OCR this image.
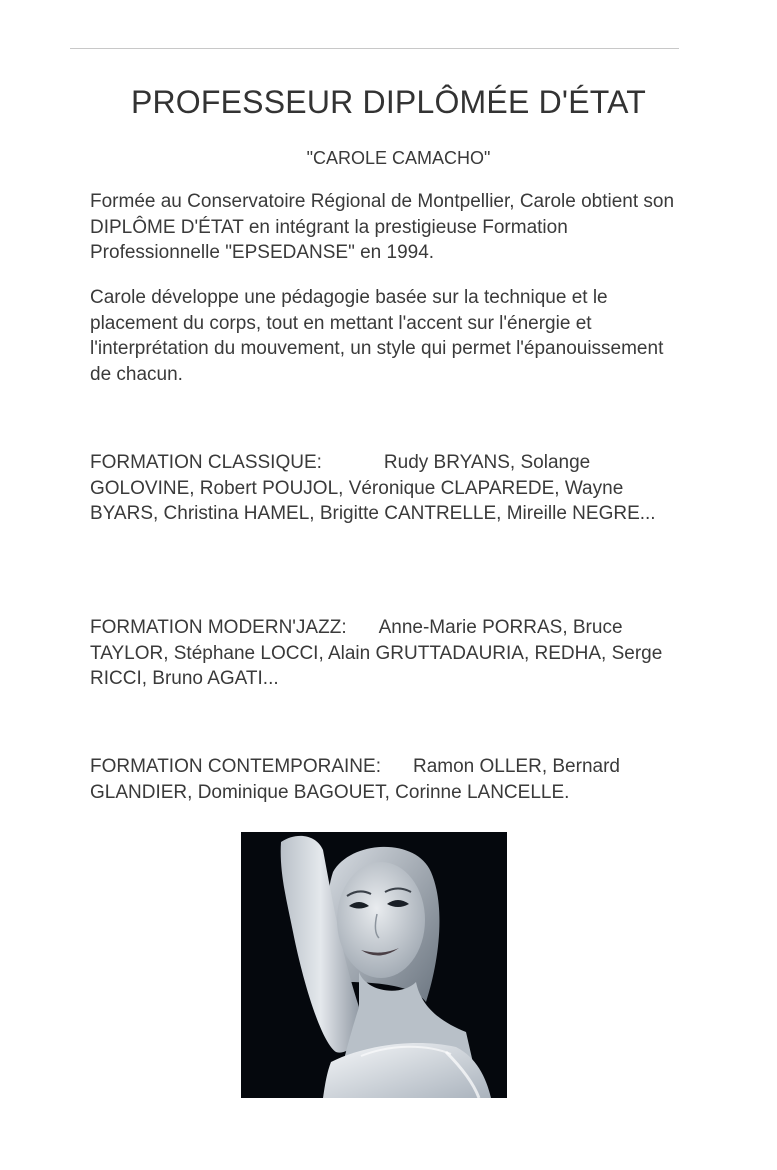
PROFESSEUR DIPLÔMÉE D'ÉTAT
"CAROLE CAMACHO"

Formée au Conservatoire Régional de Montpellier, Carole obtient son DIPLÔME D'ÉTAT en intégrant la prestigieuse Formation Professionnelle "EPSEDANSE" en 1994.

Carole développe une pédagogie basée sur la technique et le placement du corps, tout en mettant l'accent sur l'énergie et l'interprétation du mouvement, un style qui permet l'épanouissement de chacun.

FORMATION CLASSIQUE:	Rudy BRYANS, Solange GOLOVINE, Robert POUJOL, Véronique CLAPAREDE, Wayne BYARS, Christina HAMEL, Brigitte CANTRELLE, Mireille NEGRE...

FORMATION MODERN'JAZZ: Anne-Marie PORRAS, Bruce TAYLOR, Stéphane LOCCI, Alain GRUTTADAURIA, REDHA, Serge RICCI, Bruno AGATI...

FORMATION CONTEMPORAINE: Ramon OLLER, Bernard GLANDIER, Dominique BAGOUET, Corinne LANCELLE.
